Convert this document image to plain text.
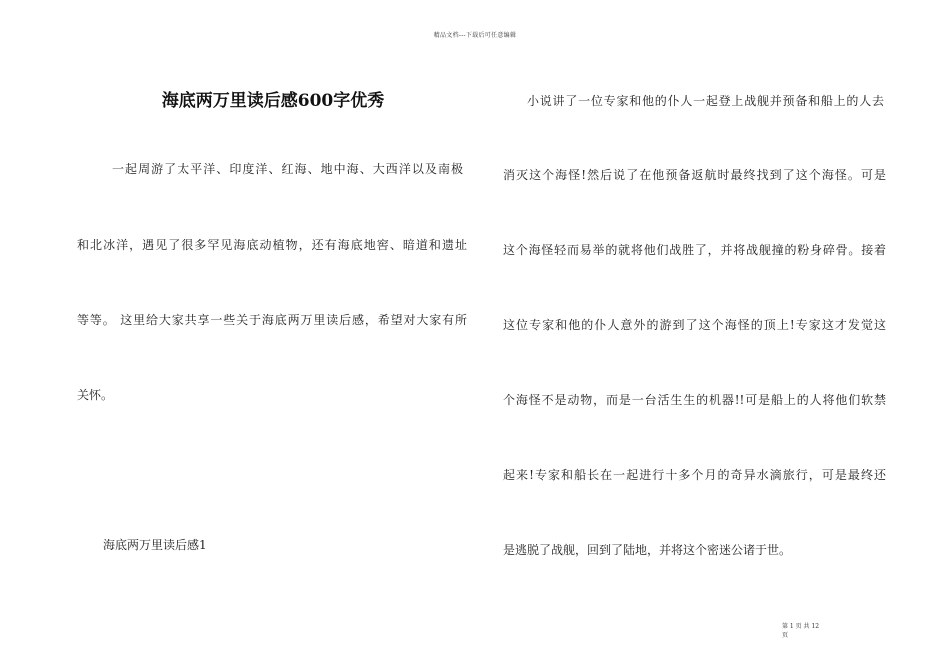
精品文档---下载后可任意编辑
海底两万里读后感600字优秀
一起周游了太平洋、印度洋、红海、地中海、大西洋以及南极
和北冰洋，遇见了很多罕见海底动植物，还有海底地窖、暗道和遗址
等等。 这里给大家共享一些关于海底两万里读后感，希望对大家有所
关怀。
海底两万里读后感1
小说讲了一位专家和他的仆人一起登上战舰并预备和船上的人去
消灭这个海怪!然后说了在他预备返航时最终找到了这个海怪。可是
这个海怪轻而易举的就将他们战胜了，并将战舰撞的粉身碎骨。接着
这位专家和他的仆人意外的游到了这个海怪的顶上!专家这才发觉这
个海怪不是动物，而是一台活生生的机器!!可是船上的人将他们软禁
起来!专家和船长在一起进行十多个月的奇异水滴旅行，可是最终还
是逃脱了战舰，回到了陆地，并将这个密迷公诸于世。
第 1 页 共 12
页
